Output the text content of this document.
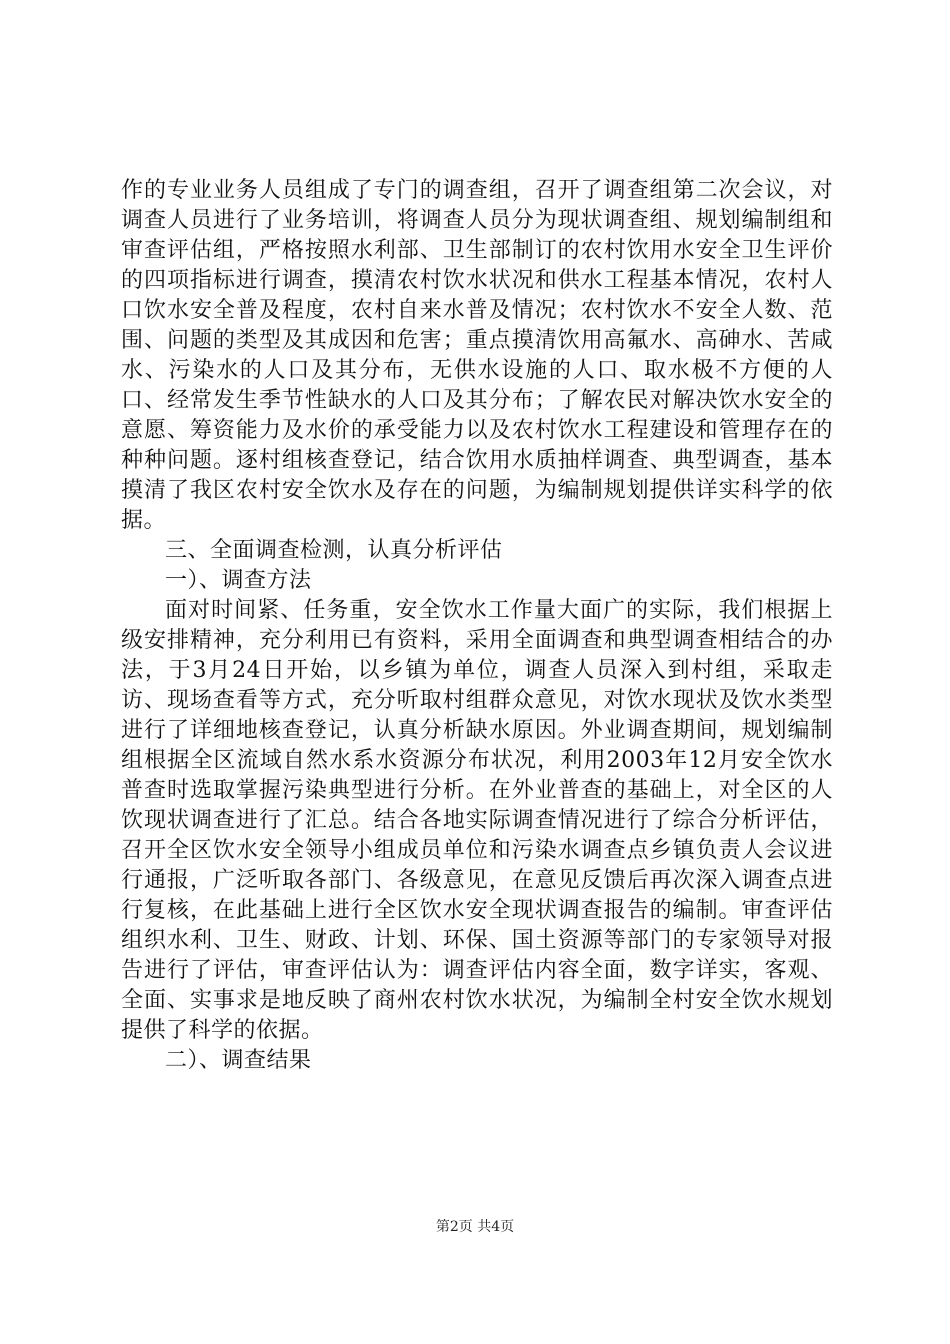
作的专业业务人员组成了专门的调查组，召开了调查组第二次会议，对调查人员进行了业务培训，将调查人员分为现状调查组、规划编制组和审查评估组，严格按照水利部、卫生部制订的农村饮用水安全卫生评价的四项指标进行调查，摸清农村饮水状况和供水工程基本情况，农村人口饮水安全普及程度，农村自来水普及情况；农村饮水不安全人数、范围、问题的类型及其成因和危害；重点摸清饮用高氟水、高砷水、苦咸水、污染水的人口及其分布，无供水设施的人口、取水极不方便的人口、经常发生季节性缺水的人口及其分布；了解农民对解决饮水安全的意愿、筹资能力及水价的承受能力以及农村饮水工程建设和管理存在的种种问题。逐村组核查登记，结合饮用水质抽样调查、典型调查，基本摸清了我区农村安全饮水及存在的问题，为编制规划提供详实科学的依据。

三、全面调查检测，认真分析评估

一）、调查方法

面对时间紧、任务重，安全饮水工作量大面广的实际，我们根据上级安排精神，充分利用已有资料，采用全面调查和典型调查相结合的办法，于3月24日开始，以乡镇为单位，调查人员深入到村组，采取走访、现场查看等方式，充分听取村组群众意见，对饮水现状及饮水类型进行了详细地核查登记，认真分析缺水原因。外业调查期间，规划编制组根据全区流域自然水系水资源分布状况，利用2003年12月安全饮水普查时选取掌握污染典型进行分析。在外业普查的基础上，对全区的人饮现状调查进行了汇总。结合各地实际调查情况进行了综合分析评估，召开全区饮水安全领导小组成员单位和污染水调查点乡镇负责人会议进行通报，广泛听取各部门、各级意见，在意见反馈后再次深入调查点进行复核，在此基础上进行全区饮水安全现状调查报告的编制。审查评估组织水利、卫生、财政、计划、环保、国土资源等部门的专家领导对报告进行了评估，审查评估认为：调查评估内容全面，数字详实，客观、全面、实事求是地反映了商州农村饮水状况，为编制全村安全饮水规划提供了科学的依据。

二）、调查结果

第2页 共4页
